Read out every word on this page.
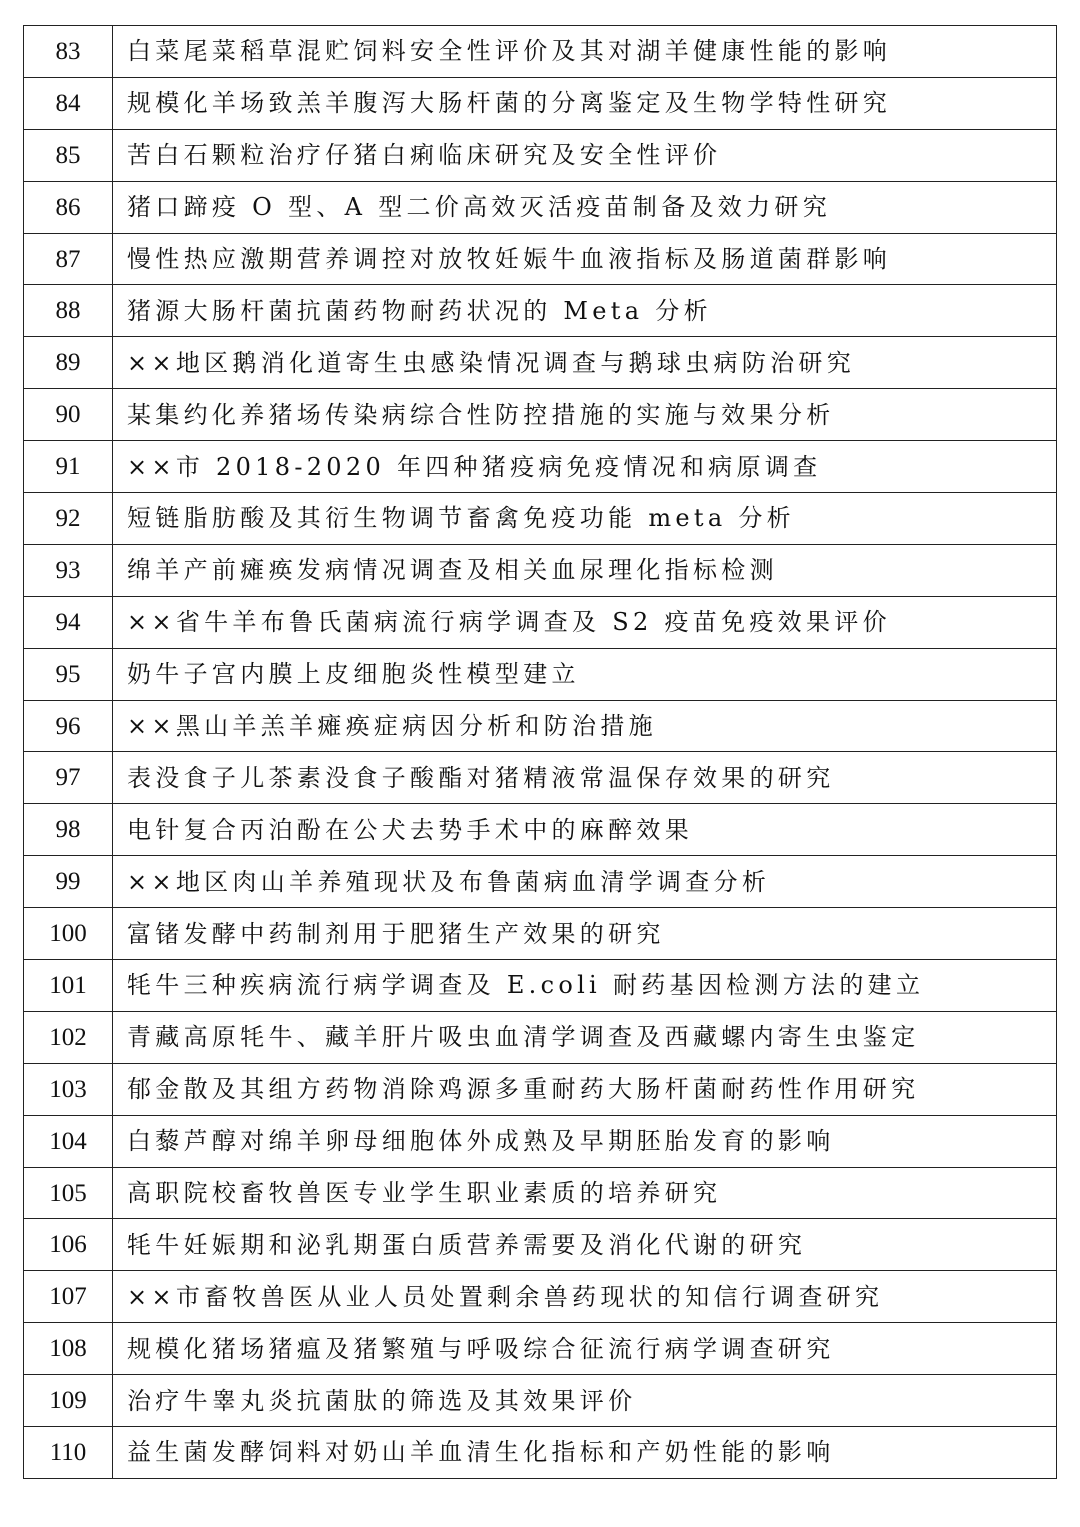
83	白菜尾菜稻草混贮饲料安全性评价及其对湖羊健康性能的影响
84	规模化羊场致羔羊腹泻大肠杆菌的分离鉴定及生物学特性研究
85	苦白石颗粒治疗仔猪白痢临床研究及安全性评价
86	猪口蹄疫 O 型、A 型二价高效灭活疫苗制备及效力研究
87	慢性热应激期营养调控对放牧妊娠牛血液指标及肠道菌群影响
88	猪源大肠杆菌抗菌药物耐药状况的 Meta 分析
89	××地区鹅消化道寄生虫感染情况调查与鹅球虫病防治研究
90	某集约化养猪场传染病综合性防控措施的实施与效果分析
91	××市 2018-2020 年四种猪疫病免疫情况和病原调查
92	短链脂肪酸及其衍生物调节畜禽免疫功能 meta 分析
93	绵羊产前瘫痪发病情况调查及相关血尿理化指标检测
94	××省牛羊布鲁氏菌病流行病学调查及 S2 疫苗免疫效果评价
95	奶牛子宫内膜上皮细胞炎性模型建立
96	××黑山羊羔羊瘫痪症病因分析和防治措施
97	表没食子儿茶素没食子酸酯对猪精液常温保存效果的研究
98	电针复合丙泊酚在公犬去势手术中的麻醉效果
99	××地区肉山羊养殖现状及布鲁菌病血清学调查分析
100	富锗发酵中药制剂用于肥猪生产效果的研究
101	牦牛三种疾病流行病学调查及 E.coli 耐药基因检测方法的建立
102	青藏高原牦牛、藏羊肝片吸虫血清学调查及西藏螺内寄生虫鉴定
103	郁金散及其组方药物消除鸡源多重耐药大肠杆菌耐药性作用研究
104	白藜芦醇对绵羊卵母细胞体外成熟及早期胚胎发育的影响
105	高职院校畜牧兽医专业学生职业素质的培养研究
106	牦牛妊娠期和泌乳期蛋白质营养需要及消化代谢的研究
107	××市畜牧兽医从业人员处置剩余兽药现状的知信行调查研究
108	规模化猪场猪瘟及猪繁殖与呼吸综合征流行病学调查研究
109	治疗牛睾丸炎抗菌肽的筛选及其效果评价
110	益生菌发酵饲料对奶山羊血清生化指标和产奶性能的影响
